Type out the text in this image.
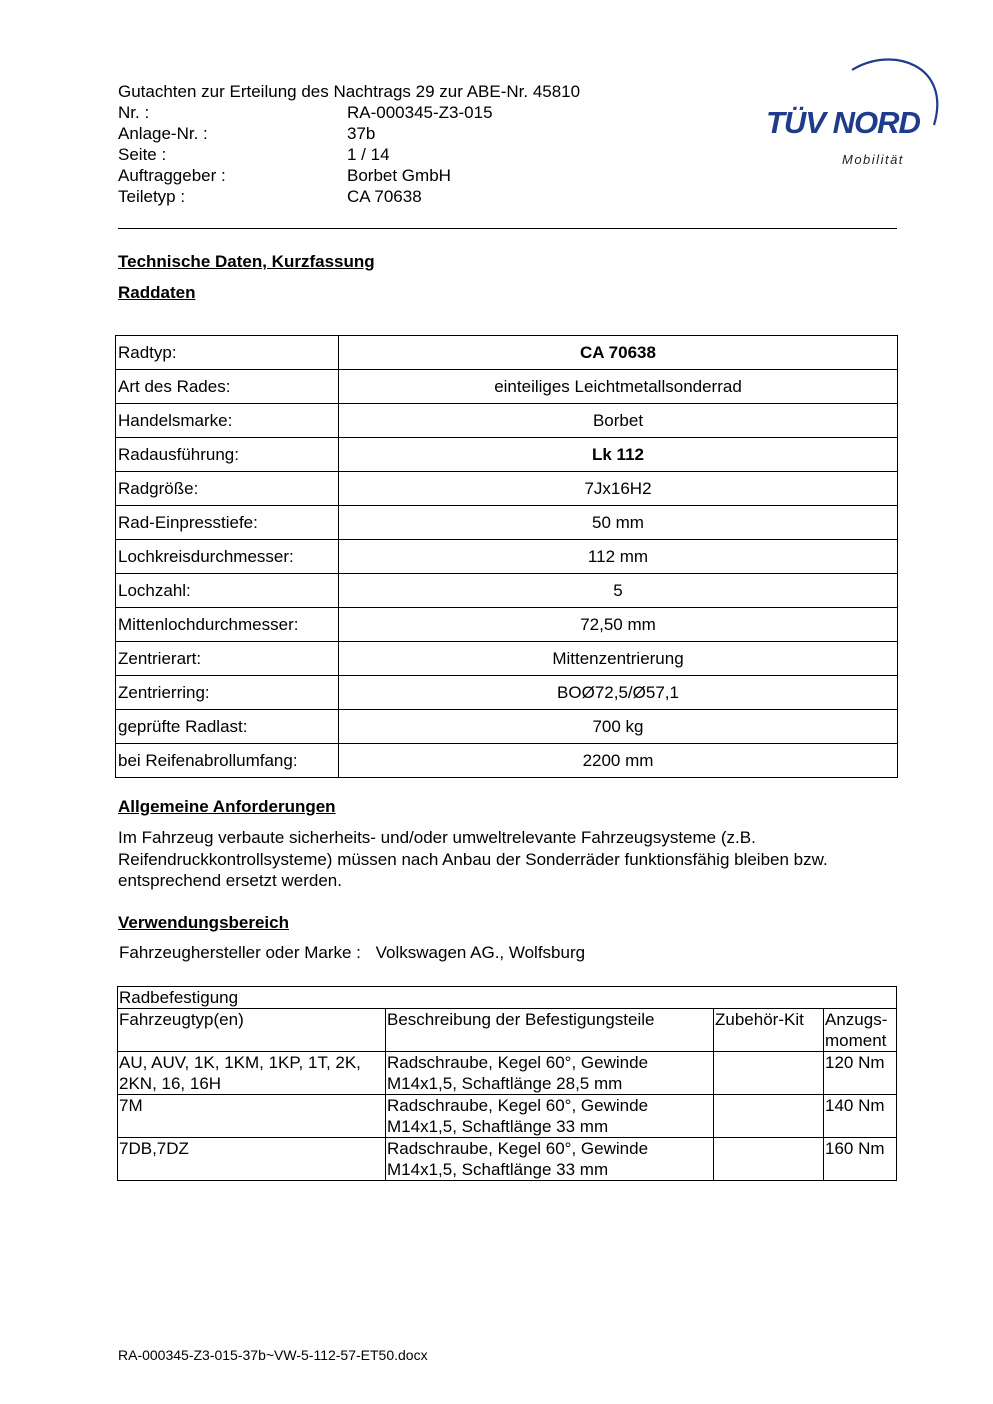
Gutachten zur Erteilung des Nachtrags 29 zur ABE-Nr. 45810
Nr. :	RA-000345-Z3-015
Anlage-Nr. :	37b
Seite :	1 / 14
Auftraggeber :	Borbet GmbH
Teiletyp :	CA 70638
TÜV NORD
Mobilität
Technische Daten, Kurzfassung
Raddaten
Radtyp:	CA 70638
Art des Rades:	einteiliges Leichtmetallsonderrad
Handelsmarke:	Borbet
Radausführung:	Lk 112
Radgröße:	7Jx16H2
Rad-Einpresstiefe:	50 mm
Lochkreisdurchmesser:	112 mm
Lochzahl:	5
Mittenlochdurchmesser:	72,50 mm
Zentrierart:	Mittenzentrierung
Zentrierring:	BOØ72,5/Ø57,1
geprüfte Radlast:	700 kg
bei Reifenabrollumfang:	2200 mm
Allgemeine Anforderungen
Im Fahrzeug verbaute sicherheits- und/oder umweltrelevante Fahrzeugsysteme (z.B. Reifendruckkontrollsysteme) müssen nach Anbau der Sonderräder funktionsfähig bleiben bzw. entsprechend ersetzt werden.
Verwendungsbereich
Fahrzeughersteller oder Marke : Volkswagen AG., Wolfsburg
Radbefestigung			
Fahrzeugtyp(en)	Beschreibung der Befestigungsteile	Zubehör-Kit	Anzugs-moment
AU, AUV, 1K, 1KM, 1KP, 1T, 2K, 2KN, 16, 16H	Radschraube, Kegel 60°, Gewinde M14x1,5, Schaftlänge 28,5 mm		120 Nm
7M	Radschraube, Kegel 60°, Gewinde M14x1,5, Schaftlänge 33 mm		140 Nm
7DB,7DZ	Radschraube, Kegel 60°, Gewinde M14x1,5, Schaftlänge 33 mm		160 Nm
RA-000345-Z3-015-37b~VW-5-112-57-ET50.docx
